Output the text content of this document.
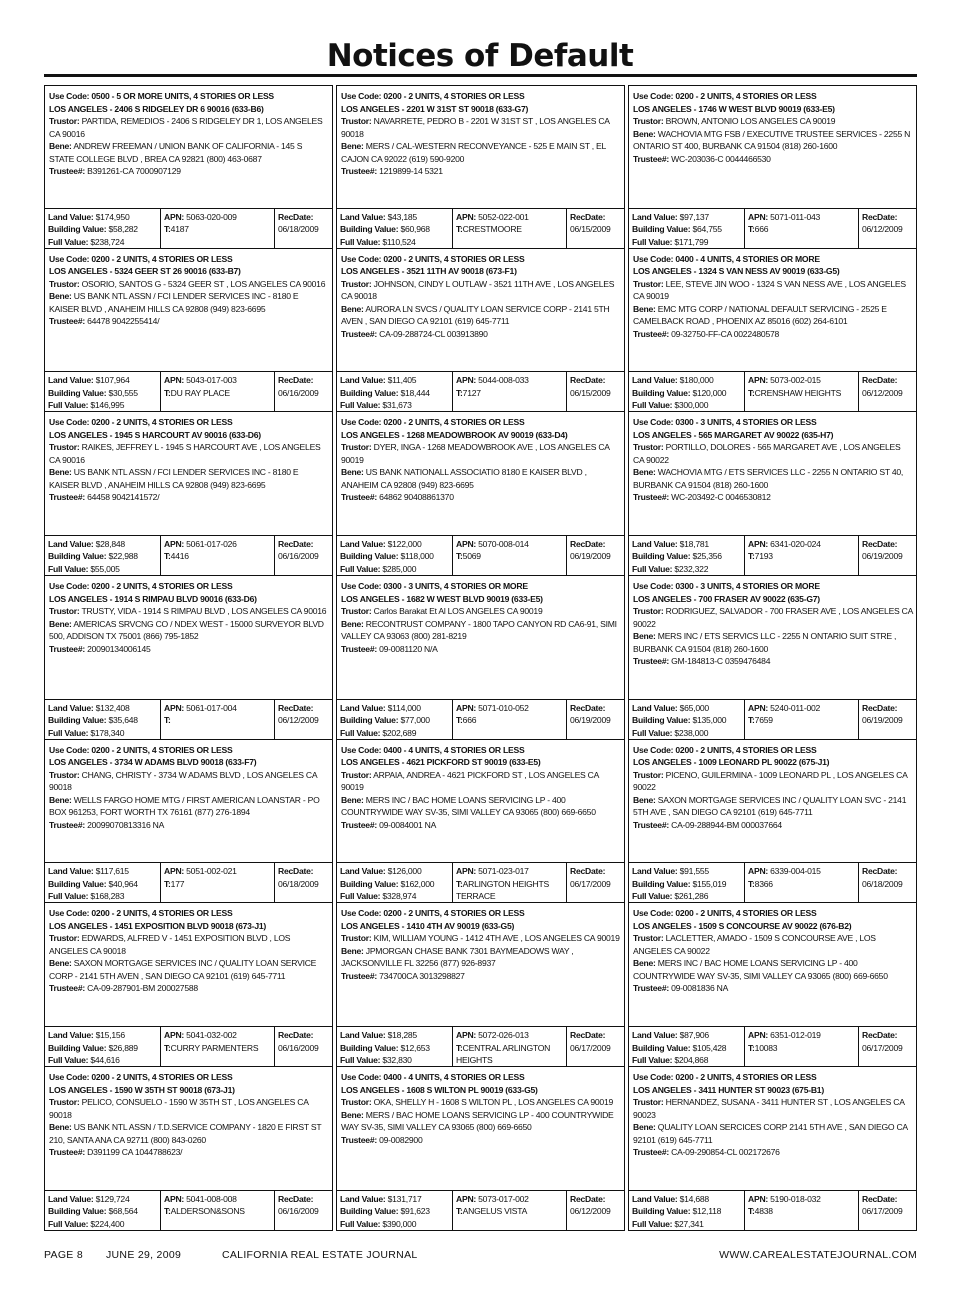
Notices of Default
Use Code: 0500 - 5 OR MORE UNITS, 4 STORIES OR LESS
LOS ANGELES - 2406 S RIDGELEY DR 6 90016 (633-B6)
Trustor: PARTIDA, REMEDIOS - 2406 S RIDGELEY DR 1, LOS ANGELES CA 90016
Bene: ANDREW FREEMAN / UNION BANK OF CALIFORNIA - 145 S STATE COLLEGE BLVD , BREA CA 92821 (800) 463-0687
Trustee#: B391261-CA 7000907129
Land Value: $174,950
Building Value: $58,282
Full Value: $238,724
APN: 5063-020-009
T:4187
RecDate:
06/18/2009
Use Code: 0200 - 2 UNITS, 4 STORIES OR LESS
LOS ANGELES - 5324 GEER ST 26 90016 (633-B7)
Trustor: OSORIO, SANTOS G - 5324 GEER ST , LOS ANGELES CA 90016
Bene: US BANK NTL ASSN / FCI LENDER SERVICES INC - 8180 E KAISER BLVD , ANAHEIM HILLS CA 92808 (949) 823-6695
Trustee#: 64478 9042255414/
Land Value: $107,964
Building Value: $30,555
Full Value: $146,995
APN: 5043-017-003
T:DU RAY PLACE
RecDate:
06/16/2009
Use Code: 0200 - 2 UNITS, 4 STORIES OR LESS
LOS ANGELES - 1945 S HARCOURT AV 90016 (633-D6)
Trustor: RAIKES, JEFFREY L - 1945 S HARCOURT AVE , LOS ANGELES CA 90016
Bene: US BANK NTL ASSN / FCI LENDER SERVICES INC - 8180 E KAISER BLVD , ANAHEIM HILLS CA 92808 (949) 823-6695
Trustee#: 64458 9042141572/
Land Value: $28,848
Building Value: $22,988
Full Value: $55,005
APN: 5061-017-026
T:4416
RecDate:
06/16/2009
Use Code: 0200 - 2 UNITS, 4 STORIES OR LESS
LOS ANGELES - 1914 S RIMPAU BLVD 90016 (633-D6)
Trustor: TRUSTY, VIDA - 1914 S RIMPAU BLVD , LOS ANGELES CA 90016
Bene: AMERICAS SRVCNG CO / NDEX WEST - 15000 SURVEYOR BLVD 500, ADDISON TX 75001 (866) 795-1852
Trustee#: 20090134006145
Land Value: $132,408
Building Value: $35,648
Full Value: $178,340
APN: 5061-017-004
T:
RecDate:
06/12/2009
Use Code: 0200 - 2 UNITS, 4 STORIES OR LESS
LOS ANGELES - 3734 W ADAMS BLVD 90018 (633-F7)
Trustor: CHANG, CHRISTY - 3734 W ADAMS BLVD , LOS ANGELES CA 90018
Bene: WELLS FARGO HOME MTG / FIRST AMERICAN LOANSTAR - PO BOX 961253, FORT WORTH TX 76161 (877) 276-1894
Trustee#: 20099070813316 NA
Land Value: $117,615
Building Value: $40,964
Full Value: $168,283
APN: 5051-002-021
T:177
RecDate:
06/18/2009
Use Code: 0200 - 2 UNITS, 4 STORIES OR LESS
LOS ANGELES - 1451 EXPOSITION BLVD 90018 (673-J1)
Trustor: EDWARDS, ALFRED V - 1451 EXPOSITION BLVD , LOS ANGELES CA 90018
Bene: SAXON MORTGAGE SERVICES INC / QUALITY LOAN SERVICE CORP - 2141 5TH AVEN , SAN DIEGO CA 92101 (619) 645-7711
Trustee#: CA-09-287901-BM 200027588
Land Value: $15,156
Building Value: $26,889
Full Value: $44,616
APN: 5041-032-002
T:CURRY PARMENTERS
RecDate:
06/16/2009
Use Code: 0200 - 2 UNITS, 4 STORIES OR LESS
LOS ANGELES - 1590 W 35TH ST 90018 (673-J1)
Trustor: PELICO, CONSUELO - 1590 W 35TH ST , LOS ANGELES CA 90018
Bene: US BANK NTL ASSN / T.D.SERVICE COMPANY - 1820 E FIRST ST 210, SANTA ANA CA 92711 (800) 843-0260
Trustee#: D391199 CA 1044788623/
Land Value: $129,724
Building Value: $68,564
Full Value: $224,400
APN: 5041-008-008
T:ALDERSON&SONS
RecDate:
06/16/2009
Use Code: 0200 - 2 UNITS, 4 STORIES OR LESS
LOS ANGELES - 2201 W 31ST ST 90018 (633-G7)
Trustor: NAVARRETE, PEDRO B - 2201 W 31ST ST , LOS ANGELES CA 90018
Bene: MERS / CAL-WESTERN RECONVEYANCE - 525 E MAIN ST , EL CAJON CA 92022 (619) 590-9200
Trustee#: 1219899-14 5321
Land Value: $43,185
Building Value: $60,968
Full Value: $110,524
APN: 5052-022-001
T:CRESTMOORE
RecDate:
06/15/2009
Use Code: 0200 - 2 UNITS, 4 STORIES OR LESS
LOS ANGELES - 3521 11TH AV 90018 (673-F1)
Trustor: JOHNSON, CINDY L OUTLAW - 3521 11TH AVE , LOS ANGELES CA 90018
Bene: AURORA LN SVCS / QUALITY LOAN SERVICE CORP - 2141 5TH AVEN , SAN DIEGO CA 92101 (619) 645-7711
Trustee#: CA-09-288724-CL 003913890
Land Value: $11,405
Building Value: $18,444
Full Value: $31,673
APN: 5044-008-033
T:7127
RecDate:
06/15/2009
Use Code: 0200 - 2 UNITS, 4 STORIES OR LESS
LOS ANGELES - 1268 MEADOWBROOK AV 90019 (633-D4)
Trustor: DYER, INGA - 1268 MEADOWBROOK AVE , LOS ANGELES CA 90019
Bene: US BANK NATIONALL ASSOCIATIO 8180 E KAISER BLVD , ANAHEIM CA 92808 (949) 823-6695
Trustee#: 64862 90408861370
Land Value: $122,000
Building Value: $118,000
Full Value: $285,000
APN: 5070-008-014
T:5069
RecDate:
06/19/2009
Use Code: 0300 - 3 UNITS, 4 STORIES OR MORE
LOS ANGELES - 1682 W WEST BLVD 90019 (633-E5)
Trustor: Carlos Barakat Et Al LOS ANGELES CA 90019
Bene: RECONTRUST COMPANY - 1800 TAPO CANYON RD CA6-91, SIMI VALLEY CA 93063 (800) 281-8219
Trustee#: 09-0081120 N/A
Land Value: $114,000
Building Value: $77,000
Full Value: $202,689
APN: 5071-010-052
T:666
RecDate:
06/19/2009
Use Code: 0400 - 4 UNITS, 4 STORIES OR LESS
LOS ANGELES - 4621 PICKFORD ST 90019 (633-E5)
Trustor: ARPAIA, ANDREA - 4621 PICKFORD ST , LOS ANGELES CA 90019
Bene: MERS INC / BAC HOME LOANS SERVICING LP - 400 COUNTRYWIDE WAY SV-35, SIMI VALLEY CA 93065 (800) 669-6650
Trustee#: 09-0084001 NA
Land Value: $126,000
Building Value: $162,000
Full Value: $328,974
APN: 5071-023-017
T:ARLINGTON HEIGHTS TERRACE
RecDate:
06/17/2009
Use Code: 0200 - 2 UNITS, 4 STORIES OR LESS
LOS ANGELES - 1410 4TH AV 90019 (633-G5)
Trustor: KIM, WILLIAM YOUNG - 1412 4TH AVE , LOS ANGELES CA 90019
Bene: JPMORGAN CHASE BANK 7301 BAYMEADOWS WAY , JACKSONVILLE FL 32256 (877) 926-8937
Trustee#: 734700CA 3013298827
Land Value: $18,285
Building Value: $12,653
Full Value: $32,830
APN: 5072-026-013
T:CENTRAL ARLINGTON HEIGHTS
RecDate:
06/17/2009
Use Code: 0400 - 4 UNITS, 4 STORIES OR LESS
LOS ANGELES - 1608 S WILTON PL 90019 (633-G5)
Trustor: OKA, SHELLY H - 1608 S WILTON PL , LOS ANGELES CA 90019
Bene: MERS / BAC HOME LOANS SERVICING LP - 400 COUNTRYWIDE WAY SV-35, SIMI VALLEY CA 93065 (800) 669-6650
Trustee#: 09-0082900
Land Value: $131,717
Building Value: $91,623
Full Value: $390,000
APN: 5073-017-002
T:ANGELUS VISTA
RecDate:
06/12/2009
Use Code: 0200 - 2 UNITS, 4 STORIES OR LESS
LOS ANGELES - 1746 W WEST BLVD 90019 (633-E5)
Trustor: BROWN, ANTONIO LOS ANGELES CA 90019
Bene: WACHOVIA MTG FSB / EXECUTIVE TRUSTEE SERVICES - 2255 N ONTARIO ST 400, BURBANK CA 91504 (818) 260-1600
Trustee#: WC-203036-C 0044466530
Land Value: $97,137
Building Value: $64,755
Full Value: $171,799
APN: 5071-011-043
T:666
RecDate:
06/12/2009
Use Code: 0400 - 4 UNITS, 4 STORIES OR MORE
LOS ANGELES - 1324 S VAN NESS AV 90019 (633-G5)
Trustor: LEE, STEVE JIN WOO - 1324 S VAN NESS AVE , LOS ANGELES CA 90019
Bene: EMC MTG CORP / NATIONAL DEFAULT SERVICING - 2525 E CAMELBACK ROAD , PHOENIX AZ 85016 (602) 264-6101
Trustee#: 09-32750-FF-CA 0022480578
Land Value: $180,000
Building Value: $120,000
Full Value: $300,000
APN: 5073-002-015
T:CRENSHAW HEIGHTS
RecDate:
06/12/2009
Use Code: 0300 - 3 UNITS, 4 STORIES OR LESS
LOS ANGELES - 565 MARGARET AV 90022 (635-H7)
Trustor: PORTILLO, DOLORES - 565 MARGARET AVE , LOS ANGELES CA 90022
Bene: WACHOVIA MTG / ETS SERVICES LLC - 2255 N ONTARIO ST 40, BURBANK CA 91504 (818) 260-1600
Trustee#: WC-203492-C 0046530812
Land Value: $18,781
Building Value: $25,356
Full Value: $232,322
APN: 6341-020-024
T:7193
RecDate:
06/19/2009
Use Code: 0300 - 3 UNITS, 4 STORIES OR MORE
LOS ANGELES - 700 FRASER AV 90022 (635-G7)
Trustor: RODRIGUEZ, SALVADOR - 700 FRASER AVE , LOS ANGELES CA 90022
Bene: MERS INC / ETS SERVICS LLC - 2255 N ONTARIO SUIT STRE , BURBANK CA 91504 (818) 260-1600
Trustee#: GM-184813-C 0359476484
Land Value: $65,000
Building Value: $135,000
Full Value: $238,000
APN: 5240-011-002
T:7659
RecDate:
06/19/2009
Use Code: 0200 - 2 UNITS, 4 STORIES OR LESS
LOS ANGELES - 1009 LEONARD PL 90022 (675-J1)
Trustor: PICENO, GUILERMINA - 1009 LEONARD PL , LOS ANGELES CA 90022
Bene: SAXON MORTGAGE SERVICES INC / QUALITY LOAN SVC - 2141 5TH AVE , SAN DIEGO CA 92101 (619) 645-7711
Trustee#: CA-09-288944-BM 000037664
Land Value: $91,555
Building Value: $155,019
Full Value: $261,286
APN: 6339-004-015
T:8366
RecDate:
06/18/2009
Use Code: 0200 - 2 UNITS, 4 STORIES OR LESS
LOS ANGELES - 1509 S CONCOURSE AV 90022 (676-B2)
Trustor: LACLETTER, AMADO - 1509 S CONCOURSE AVE , LOS ANGELES CA 90022
Bene: MERS INC / BAC HOME LOANS SERVICING LP - 400 COUNTRYWIDE WAY SV-35, SIMI VALLEY CA 93065 (800) 669-6650
Trustee#: 09-0081836 NA
Land Value: $87,906
Building Value: $105,428
Full Value: $204,868
APN: 6351-012-019
T:10083
RecDate:
06/17/2009
Use Code: 0200 - 2 UNITS, 4 STORIES OR LESS
LOS ANGELES - 3411 HUNTER ST 90023 (675-B1)
Trustor: HERNANDEZ, SUSANA - 3411 HUNTER ST , LOS ANGELES CA 90023
Bene: QUALITY LOAN SERCICES CORP 2141 5TH AVE , SAN DIEGO CA 92101 (619) 645-7711
Trustee#: CA-09-290854-CL 002172676
Land Value: $14,688
Building Value: $12,118
Full Value: $27,341
APN: 5190-018-032
T:4838
RecDate:
06/17/2009
PAGE 8 JUNE 29, 2009	CALIFORNIA REAL ESTATE JOURNAL	WWW.CAREALESTATEJOURNAL.COM
